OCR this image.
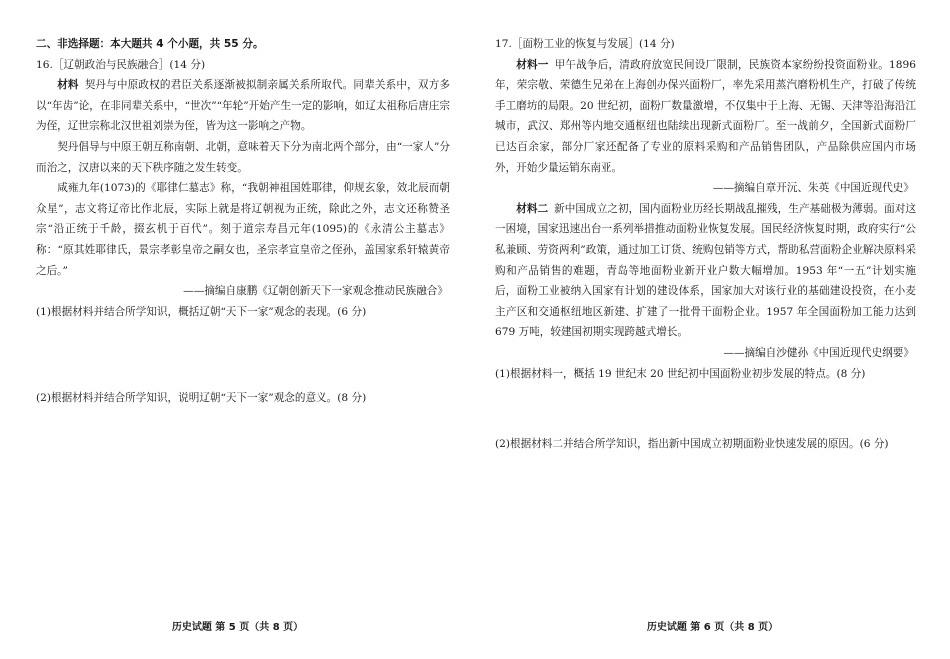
二、非选择题：本大题共 4 个小题，共 55 分。

16.［辽朝政治与民族融合］(14 分)

材料 契丹与中原政权的君臣关系逐渐被拟制亲属关系所取代。同辈关系中，双方多以“年齿”论，在非同辈关系中，“世次”“年轮”开始产生一定的影响，如辽太祖称后唐庄宗为侄，辽世宗称北汉世祖刘崇为侄，皆为这一影响之产物。

契丹倡导与中原王朝互称南朝、北朝，意味着天下分为南北两个部分，由“一家人”分而治之，汉唐以来的天下秩序随之发生转变。

咸雍九年(1073)的《耶律仁墓志》称，“我朝神祖国姓耶律，仰规玄象，效北辰而朝众星”，志文将辽帝比作北辰，实际上就是将辽朝视为正统，除此之外，志文还称赞圣宗“沿正统于千龄，掇玄机于百代”。刻于道宗寿昌元年(1095)的《永清公主墓志》称：“原其姓耶律氏，景宗孝彰皇帝之嗣女也，圣宗孝宣皇帝之侄孙，盖国家系轩辕黄帝之后。”

——摘编自康鹏《辽朝创新天下一家观念推动民族融合》

(1)根据材料并结合所学知识，概括辽朝“天下一家”观念的表现。(6 分)

(2)根据材料并结合所学知识，说明辽朝“天下一家”观念的意义。(8 分)

历史试题 第 5 页（共 8 页）

17.［面粉工业的恢复与发展］(14 分)

材料一 甲午战争后，清政府放宽民间设厂限制，民族资本家纷纷投资面粉业。1896年，荣宗敬、荣德生兄弟在上海创办保兴面粉厂，率先采用蒸汽磨粉机生产，打破了传统手工磨坊的局限。20 世纪初，面粉厂数量激增，不仅集中于上海、无锡、天津等沿海沿江城市，武汉、郑州等内地交通枢纽也陆续出现新式面粉厂。至一战前夕，全国新式面粉厂已达百余家，部分厂家还配备了专业的原料采购和产品销售团队，产品除供应国内市场外，开始少量运销东南亚。

——摘编自章开沅、朱英《中国近现代史》

材料二 新中国成立之初，国内面粉业历经长期战乱摧残，生产基础极为薄弱。面对这一困境，国家迅速出台一系列举措推动面粉业恢复发展。国民经济恢复时期，政府实行“公私兼顾、劳资两利”政策，通过加工订货、统购包销等方式，帮助私营面粉企业解决原料采购和产品销售的难题，青岛等地面粉业新开业户数大幅增加。1953 年“一五”计划实施后，面粉工业被纳入国家有计划的建设体系，国家加大对该行业的基础建设投资，在小麦主产区和交通枢纽地区新建、扩建了一批骨干面粉企业。1957 年全国面粉加工能力达到 679 万吨，较建国初期实现跨越式增长。

——摘编自沙健孙《中国近现代史纲要》

(1)根据材料一，概括 19 世纪末 20 世纪初中国面粉业初步发展的特点。(8 分)

(2)根据材料二并结合所学知识，指出新中国成立初期面粉业快速发展的原因。(6 分)

历史试题 第 6 页（共 8 页）
